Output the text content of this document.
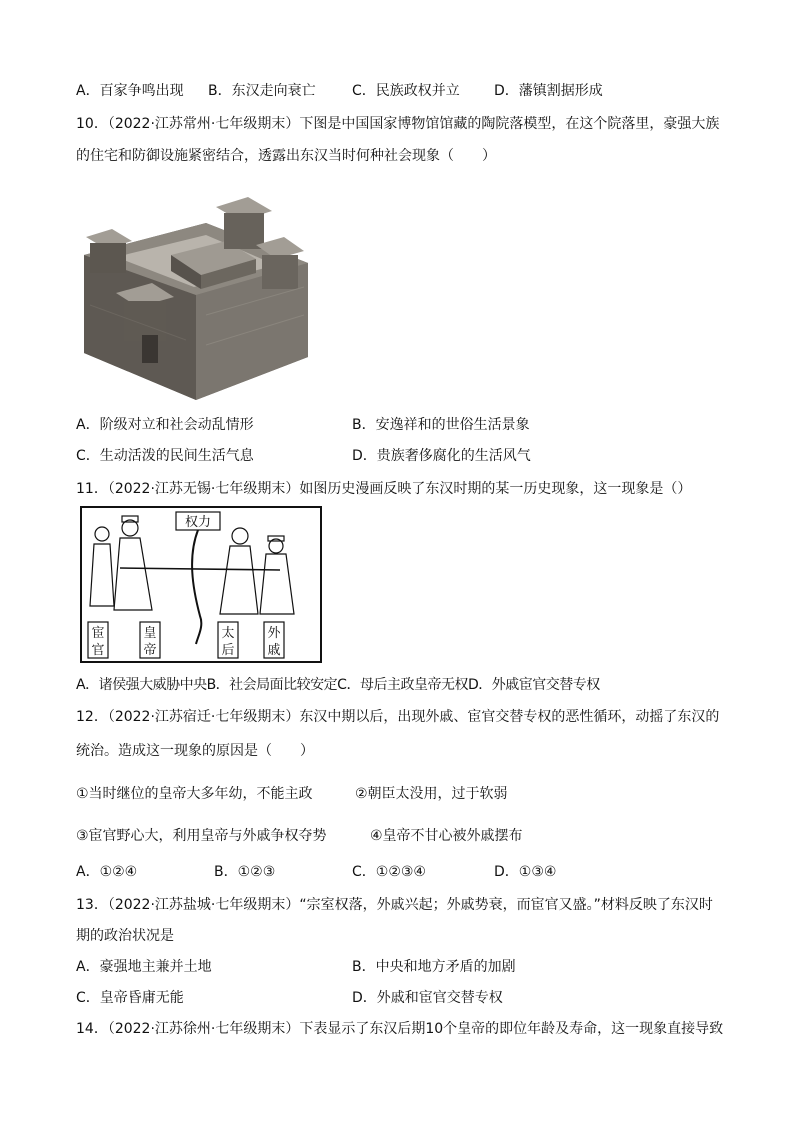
A．百家争鸣出现 B．东汉走向衰亡	C．民族政权并立 D．藩镇割据形成
10．（2022·江苏常州·七年级期末）下图是中国国家博物馆馆藏的陶院落模型，在这个院落里，豪强大族
的住宅和防御设施紧密结合，透露出东汉当时何种社会现象（　　）
A．阶级对立和社会动乱情形	B．安逸祥和的世俗生活景象
C．生动活泼的民间生活气息	D．贵族奢侈腐化的生活风气
11．（2022·江苏无锡·七年级期末）如图历史漫画反映了东汉时期的某一历史现象，这一现象是（）
权力
宦
官
皇
帝
太
后
外
戚
A．诸侯强大威胁中央B．社会局面比较安定C．母后主政皇帝无权D．外戚宦官交替专权
12．（2022·江苏宿迁·七年级期末）东汉中期以后，出现外戚、宦官交替专权的恶性循环，动摇了东汉的
统治。造成这一现象的原因是（　　）
①当时继位的皇帝大多年幼，不能主政	②朝臣太没用，过于软弱
③宦官野心大，利用皇帝与外戚争权夺势	④皇帝不甘心被外戚摆布
A．①②④	B．①②③	C．①②③④	D．①③④
13．（2022·江苏盐城·七年级期末）“宗室权落，外戚兴起；外戚势衰，而宦官又盛。”材料反映了东汉时
期的政治状况是
A．豪强地主兼并土地	B．中央和地方矛盾的加剧
C．皇帝昏庸无能	D．外戚和宦官交替专权
14．（2022·江苏徐州·七年级期末）下表显示了东汉后期10个皇帝的即位年龄及寿命，这一现象直接导致
